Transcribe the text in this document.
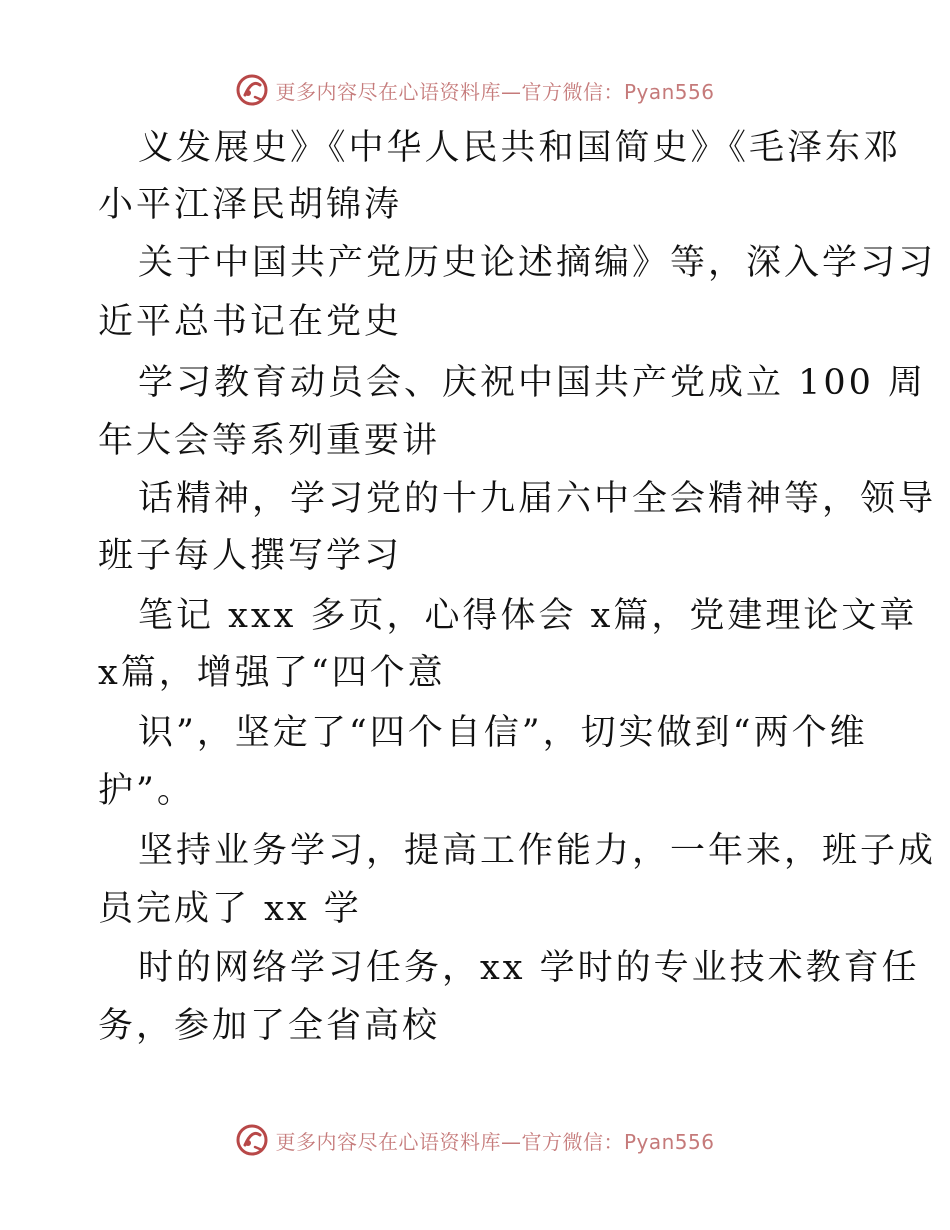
更多内容尽在心语资料库—官方微信：Pyan556
义发展史》《中华人民共和国简史》《毛泽东邓
小平江泽民胡锦涛
关于中国共产党历史论述摘编》等，深入学习习
近平总书记在党史
学习教育动员会、庆祝中国共产党成立 100 周
年大会等系列重要讲
话精神，学习党的十九届六中全会精神等，领导
班子每人撰写学习
笔记 xxx 多页，心得体会 x篇，党建理论文章
x篇，增强了“四个意
识”，坚定了“四个自信”，切实做到“两个维
护”。
坚持业务学习，提高工作能力，一年来，班子成
员完成了 xx 学
时的网络学习任务，xx 学时的专业技术教育任
务，参加了全省高校
更多内容尽在心语资料库—官方微信：Pyan556
